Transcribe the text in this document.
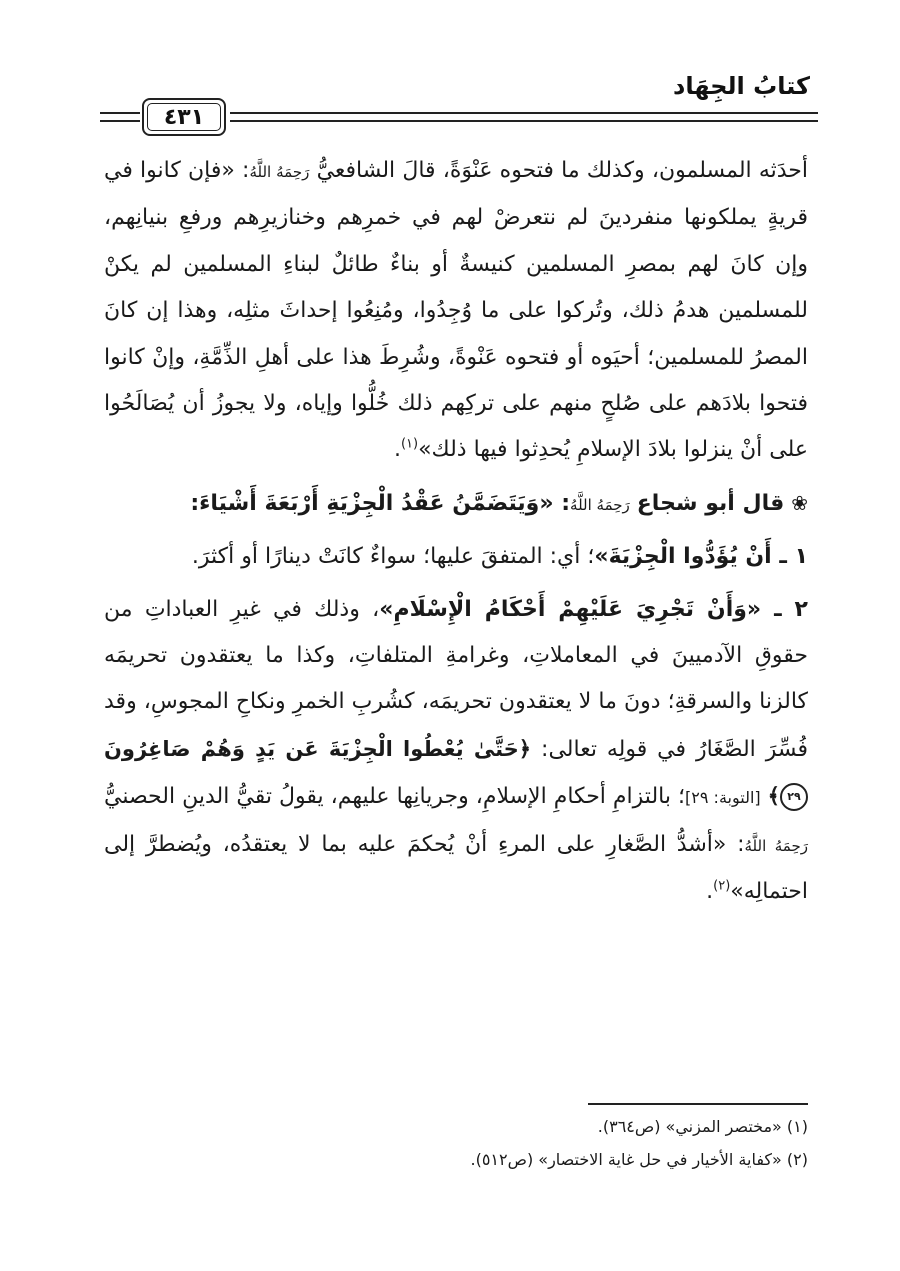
كتابُ الجِهَاد
٤٣١

أحدَثه المسلمون، وكذلك ما فتحوه عَنْوَةً، قالَ الشافعيُّ رَحِمَهُ اللَّهُ: «فإن كانوا في قريةٍ يملكونها منفردينَ لم نتعرضْ لهم في خمرِهم وخنازيرِهم ورفعِ بنيانِهم، وإن كانَ لهم بمصرِ المسلمين كنيسةٌ أو بناءٌ طائلٌ لبناءِ المسلمين لم يكنْ للمسلمين هدمُ ذلك، وتُركوا على ما وُجِدُوا، ومُنِعُوا إحداثَ مثلِه، وهذا إن كانَ المصرُ للمسلمين؛ أحيَوه أو فتحوه عَنْوةً، وشُرِطَ هذا على أهلِ الذِّمَّةِ، وإنْ كانوا فتحوا بلادَهم على صُلحٍ منهم على تركِهم ذلك خُلُّوا وإياه، ولا يجوزُ أن يُصَالَحُوا على أنْ ينزلوا بلادَ الإسلامِ يُحدِثوا فيها ذلك»$^{(١)}$.

❀ قال أبو شجاع رَحِمَهُ اللَّهُ: «وَيَتَضَمَّنُ عَقْدُ الْجِزْيَةِ أَرْبَعَةَ أَشْيَاءَ:

١ ـ أَنْ يُؤَدُّوا الْجِزْيَةَ»؛ أي: المتفقَ عليها؛ سواءٌ كانَتْ دينارًا أو أكثرَ.

٢ ـ «وَأَنْ تَجْرِيَ عَلَيْهِمْ أَحْكَامُ الْإِسْلَامِ»، وذلك في غيرِ العباداتِ من حقوقِ الآدميينَ في المعاملاتِ، وغرامةِ المتلفاتِ، وكذا ما يعتقدون تحريمَه كالزنا والسرقةِ؛ دونَ ما لا يعتقدون تحريمَه، كشُربِ الخمرِ ونكاحِ المجوسِ، وقد فُسِّرَ الصَّغَارُ في قولِه تعالى: ﴿حَتَّىٰ يُعْطُوا الْجِزْيَةَ عَن يَدٍ وَهُمْ صَاغِرُونَ ٢٩﴾ [التوبة: ٢٩]؛ بالتزامِ أحكامِ الإسلامِ، وجريانِها عليهم، يقولُ تقيُّ الدينِ الحصنيُّ رَحِمَهُ اللَّهُ: «أشدُّ الصَّغارِ على المرءِ أنْ يُحكمَ عليه بما لا يعتقدُه، ويُضطرَّ إلى احتمالِه»$^{(٢)}$.

(١) «مختصر المزني» (ص٣٦٤).

(٢) «كفاية الأخيار في حل غاية الاختصار» (ص٥١٢).
